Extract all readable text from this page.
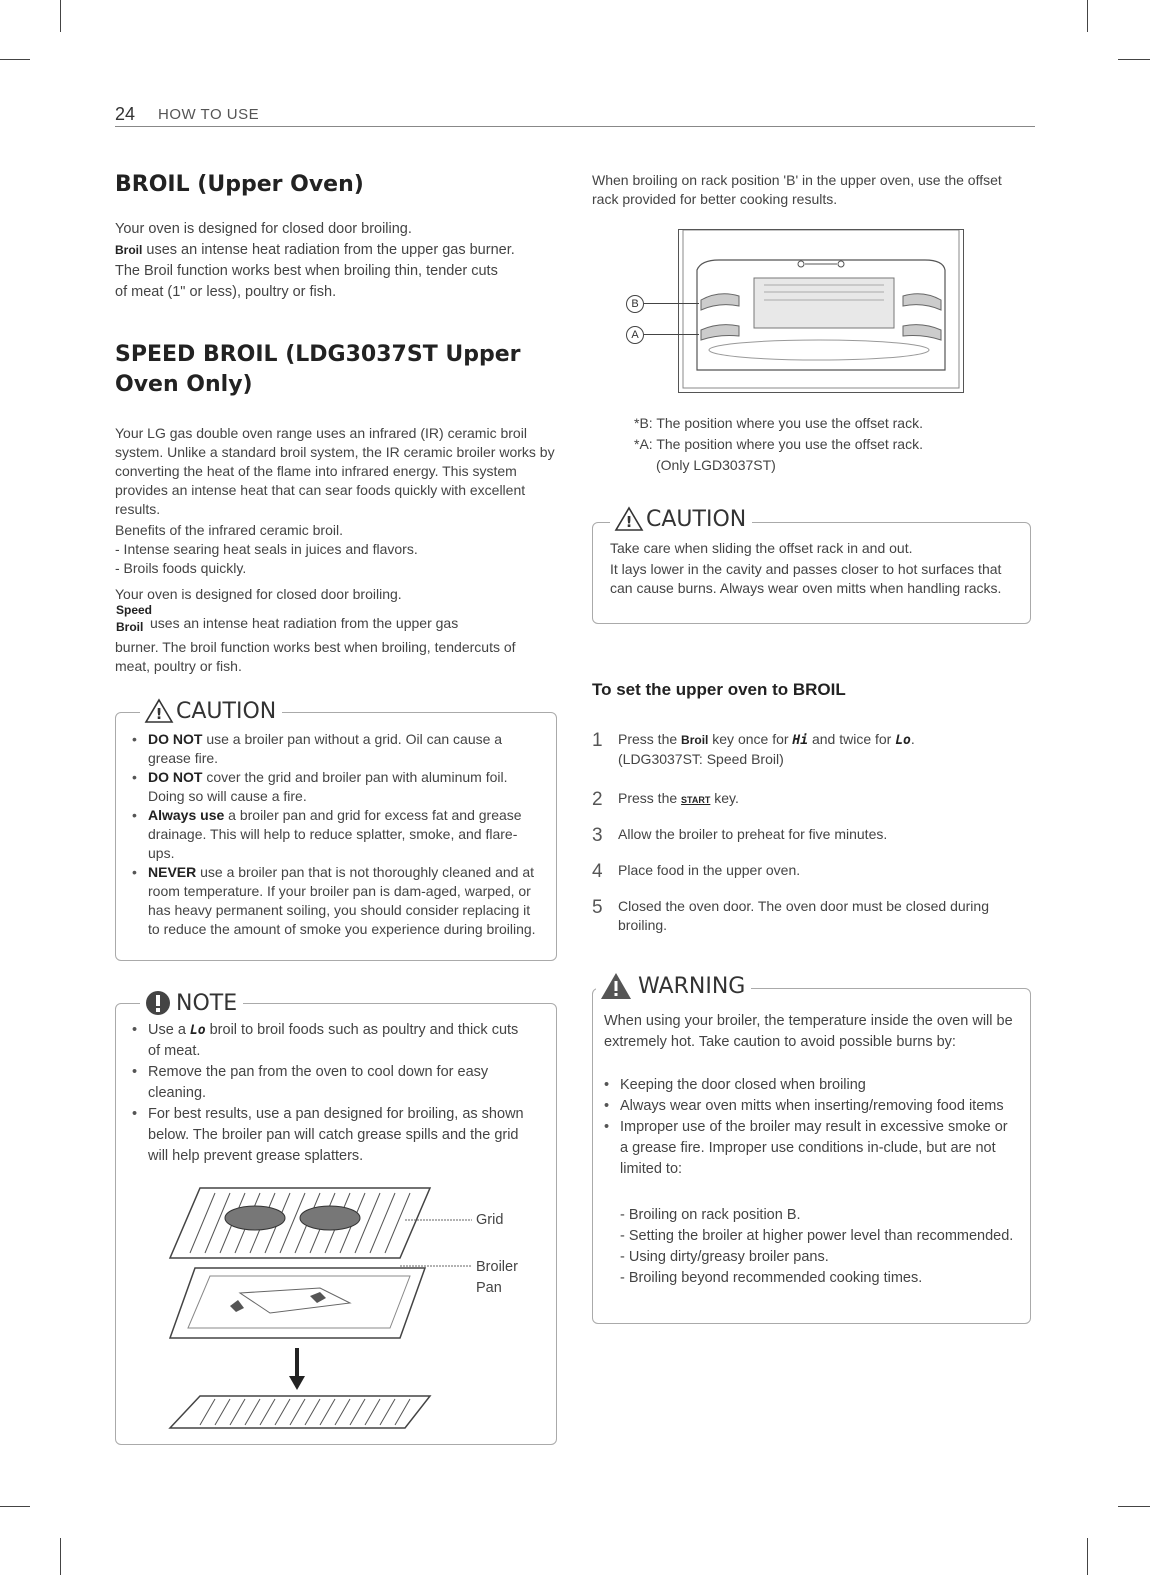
24 HOW TO USE
BROIL (Upper Oven)
Your oven is designed for closed door broiling.
Broil uses an intense heat radiation from the upper gas burner.
The Broil function works best when broiling thin, tender cuts
of meat (1" or less), poultry or fish.
SPEED BROIL (LDG3037ST Upper
Oven Only)
Your LG gas double oven range uses an infrared (IR) ceramic broil system. Unlike a standard broil system, the IR ceramic broiler works by converting the heat of the flame into infrared energy. This system provides an intense heat that can sear foods quickly with excellent results.
Benefits of the infrared ceramic broil.
- Intense searing heat seals in juices and flavors.
- Broils foods quickly.
Your oven is designed for closed door broiling.
Speed
Broil uses an intense heat radiation from the upper gas
burner. The broil function works best when broiling, tendercuts of meat, poultry or fish.
! CAUTION
• DO NOT use a broiler pan without a grid. Oil can cause a grease fire.
• DO NOT cover the grid and broiler pan with aluminum foil. Doing so will cause a fire.
• Always use a broiler pan and grid for excess fat and grease drainage. This will help to reduce splatter, smoke, and flare-ups.
• NEVER use a broiler pan that is not thoroughly cleaned and at room temperature. If your broiler pan is dam-aged, warped, or has heavy permanent soiling, you should consider replacing it to reduce the amount of smoke you experience during broiling.
NOTE
• Use a Lo broil to broil foods such as poultry and thick cuts of meat.
• Remove the pan from the oven to cool down for easy cleaning.
• For best results, use a pan designed for broiling, as shown below. The broiler pan will catch grease spills and the grid will help prevent grease splatters.
Grid
Broiler
Pan
When broiling on rack position 'B' in the upper oven, use the offset rack provided for better cooking results.
B
A
*B: The position where you use the offset rack.
*A: The position where you use the offset rack.
(Only LGD3037ST)
! CAUTION
Take care when sliding the offset rack in and out.
It lays lower in the cavity and passes closer to hot surfaces that can cause burns. Always wear oven mitts when handling racks.
To set the upper oven to BROIL
1	Press the Broil key once for Hi and twice for Lo.
(LDG3037ST: Speed Broil)
2	Press the START key.
3	Allow the broiler to preheat for five minutes.
4	Place food in the upper oven.
5	Closed the oven door. The oven door must be closed during broiling.
WARNING
When using your broiler, the temperature inside the oven will be extremely hot. Take caution to avoid possible burns by:
• Keeping the door closed when broiling
• Always wear oven mitts when inserting/removing food items
• Improper use of the broiler may result in excessive smoke or a grease fire. Improper use conditions in-clude, but are not limited to:
- Broiling on rack position B.
- Setting the broiler at higher power level than recommended.
- Using dirty/greasy broiler pans.
- Broiling beyond recommended cooking times.
